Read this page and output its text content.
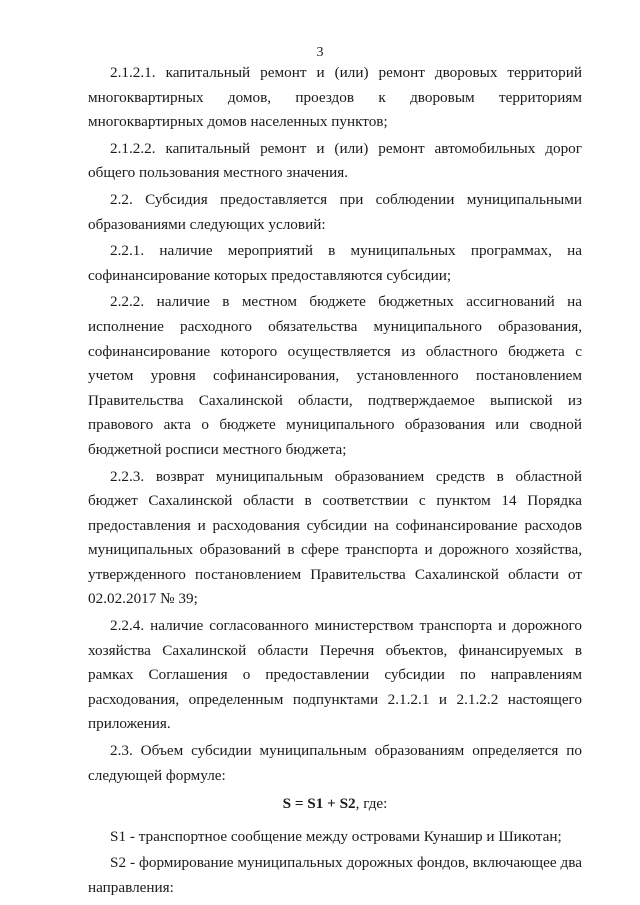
3

2.1.2.1. капитальный ремонт и (или) ремонт дворовых территорий многоквартирных домов, проездов к дворовым территориям многоквартирных домов населенных пунктов;

2.1.2.2. капитальный ремонт и (или) ремонт автомобильных дорог общего пользования местного значения.

2.2. Субсидия предоставляется при соблюдении муниципальными образованиями следующих условий:

2.2.1. наличие мероприятий в муниципальных программах, на софинансирование которых предоставляются субсидии;

2.2.2. наличие в местном бюджете бюджетных ассигнований на исполнение расходного обязательства муниципального образования, софинансирование которого осуществляется из областного бюджета с учетом уровня софинансирования, установленного постановлением Правительства Сахалинской области, подтверждаемое выпиской из правового акта о бюджете муниципального образования или сводной бюджетной росписи местного бюджета;

2.2.3. возврат муниципальным образованием средств в областной бюджет Сахалинской области в соответствии с пунктом 14 Порядка предоставления и расходования субсидии на софинансирование расходов муниципальных образований в сфере транспорта и дорожного хозяйства, утвержденного постановлением Правительства Сахалинской области от 02.02.2017 № 39;

2.2.4. наличие согласованного министерством транспорта и дорожного хозяйства Сахалинской области Перечня объектов, финансируемых в рамках Соглашения о предоставлении субсидии по направлениям расходования, определенным подпунктами 2.1.2.1 и 2.1.2.2 настоящего приложения.

2.3. Объем субсидии муниципальным образованиям определяется по следующей формуле:

S = S1 + S2, где:

S1 - транспортное сообщение между островами Кунашир и Шикотан;

S2 - формирование муниципальных дорожных фондов, включающее два направления:
